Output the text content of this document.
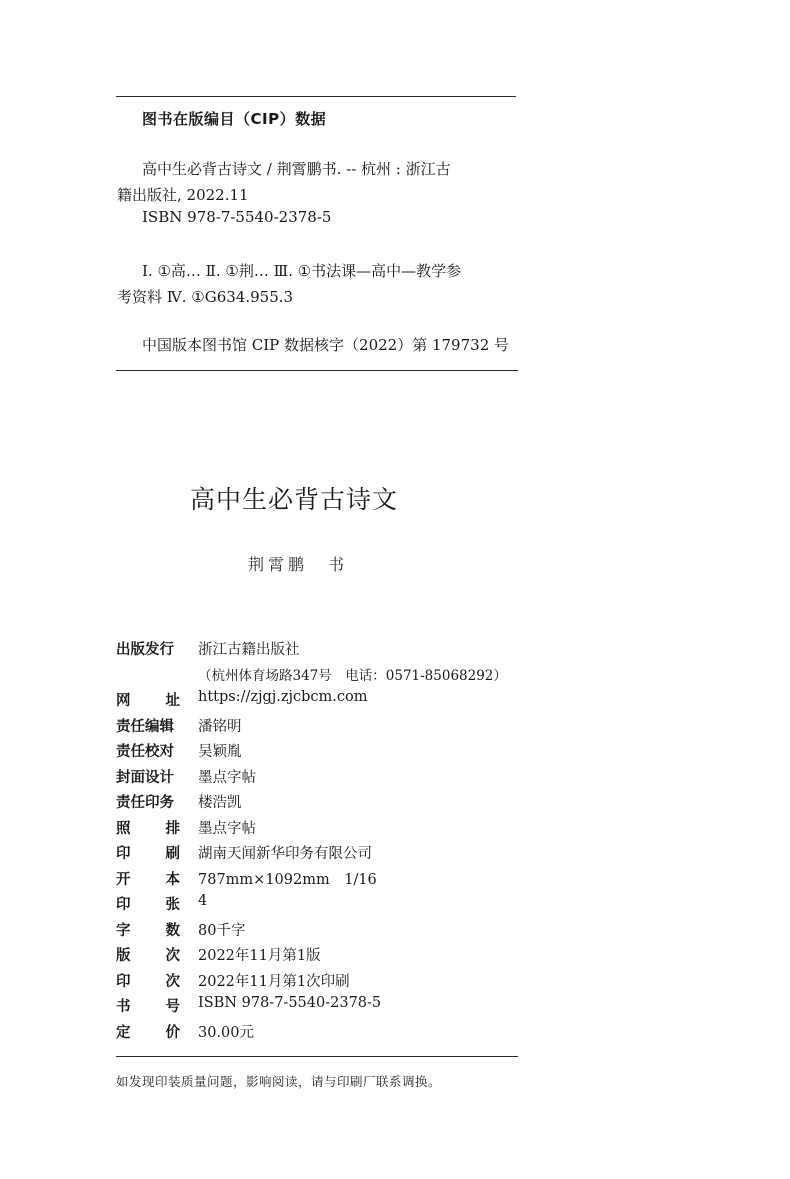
图书在版编目（CIP）数据
高中生必背古诗文 / 荆霄鹏书. -- 杭州 : 浙江古
籍出版社, 2022.11
ISBN 978-7-5540-2378-5
Ⅰ. ①高… Ⅱ. ①荆… Ⅲ. ①书法课—高中—教学参
考资料 Ⅳ. ①G634.955.3
中国版本图书馆 CIP 数据核字（2022）第 179732 号
高中生必背古诗文
荆霄鹏　书
出版发行	浙江古籍出版社
（杭州体育场路347号　电话：0571-85068292）
网 址 https://zjgj.zjcbcm.com
责任编辑 潘铭明
责任校对 吴颖胤
封面设计 墨点字帖
责任印务 楼浩凯
照 排 墨点字帖
印 刷 湖南天闻新华印务有限公司
开 本 787mm×1092mm　1/16
印 张 4
字 数 80千字
版 次 2022年11月第1版
印 次 2022年11月第1次印刷
书 号 ISBN 978-7-5540-2378-5
定 价 30.00元
如发现印装质量问题，影响阅读，请与印刷厂联系调换。
